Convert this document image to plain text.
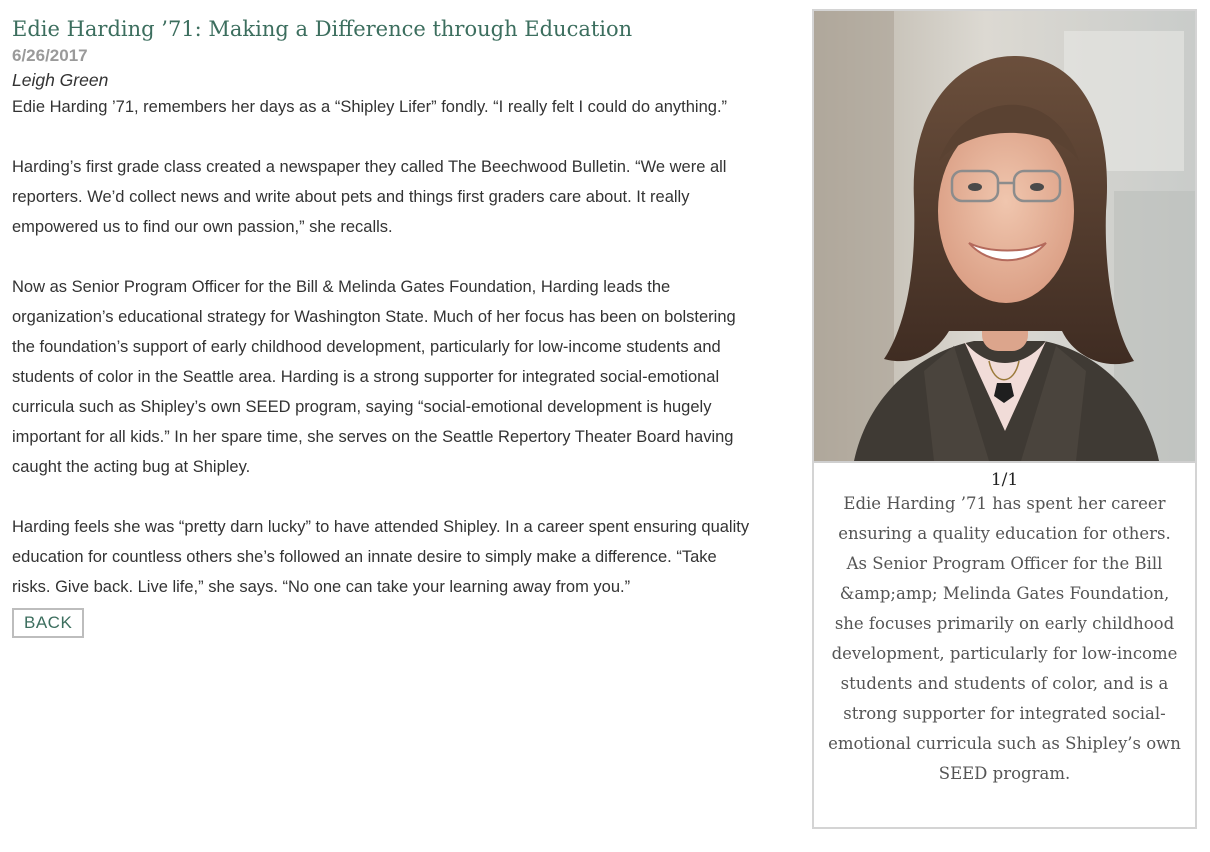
Edie Harding ’71: Making a Difference through Education
6/26/2017
Leigh Green

Edie Harding ’71, remembers her days as a “Shipley Lifer” fondly. “I really felt I could do anything.”

Harding’s first grade class created a newspaper they called The Beechwood Bulletin. “We were all reporters. We’d collect news and write about pets and things first graders care about. It really empowered us to find our own passion,” she recalls.

Now as Senior Program Officer for the Bill & Melinda Gates Foundation, Harding leads the organization’s educational strategy for Washington State. Much of her focus has been on bolstering the foundation’s support of early childhood development, particularly for low-income students and students of color in the Seattle area. Harding is a strong supporter for integrated social-emotional curricula such as Shipley’s own SEED program, saying “social-emotional development is hugely important for all kids.” In her spare time, she serves on the Seattle Repertory Theater Board having caught the acting bug at Shipley.

Harding feels she was “pretty darn lucky” to have attended Shipley. In a career spent ensuring quality education for countless others she’s followed an innate desire to simply make a difference. “Take risks. Give back. Live life,” she says. “No one can take your learning away from you.”

BACK
1/1

Edie Harding ’71 has spent her career ensuring a quality education for others. As Senior Program Officer for the Bill &amp;amp; Melinda Gates Foundation, she focuses primarily on early childhood development, particularly for low-income students and students of color, and is a strong supporter for integrated social-emotional curricula such as Shipley’s own SEED program.
